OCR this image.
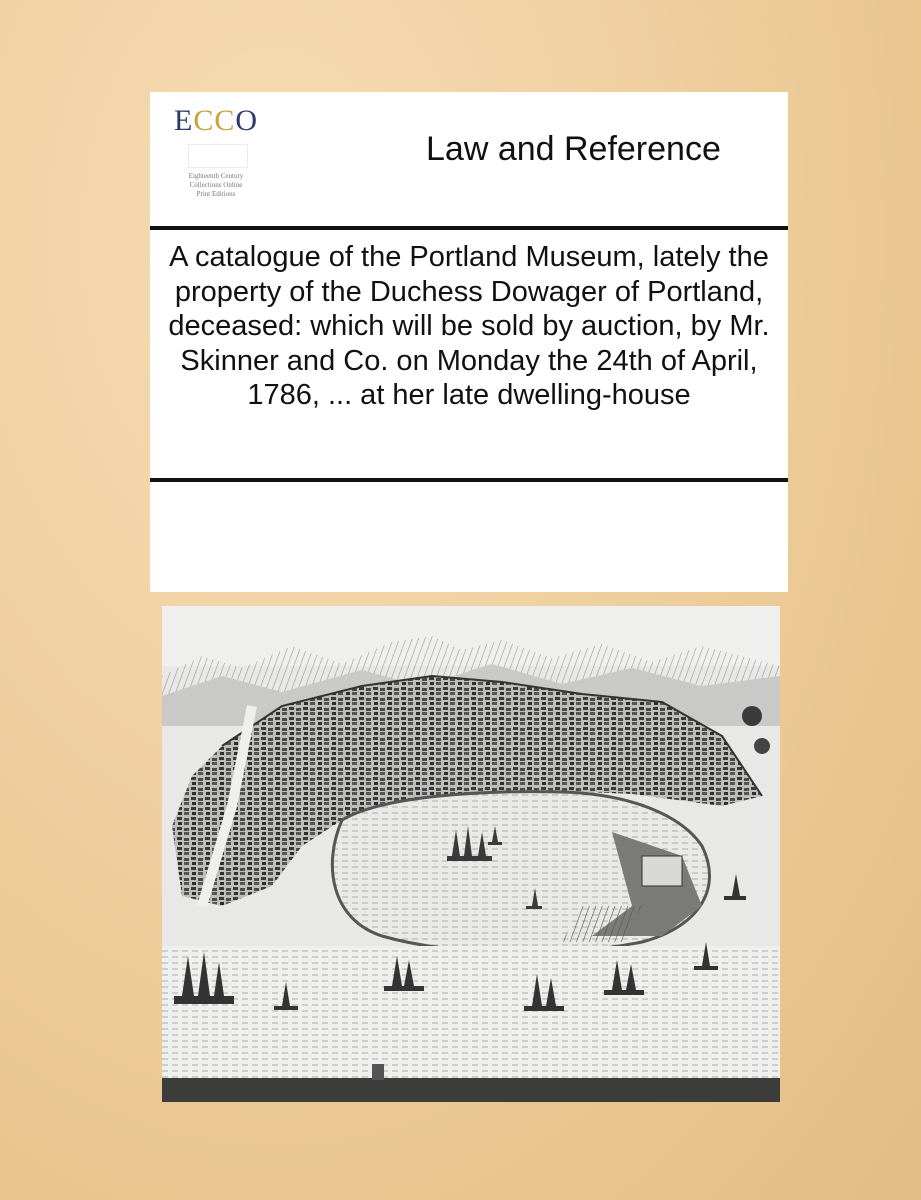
ECCO
Eighteenth Century
Collections Online
Print Editions
Law and Reference
A catalogue of the Portland Museum, lately the property of the Duchess Dowager of Portland, deceased: which will be sold by auction, by Mr. Skinner and Co. on Monday the 24th of April, 1786, ... at her late dwelling-house
